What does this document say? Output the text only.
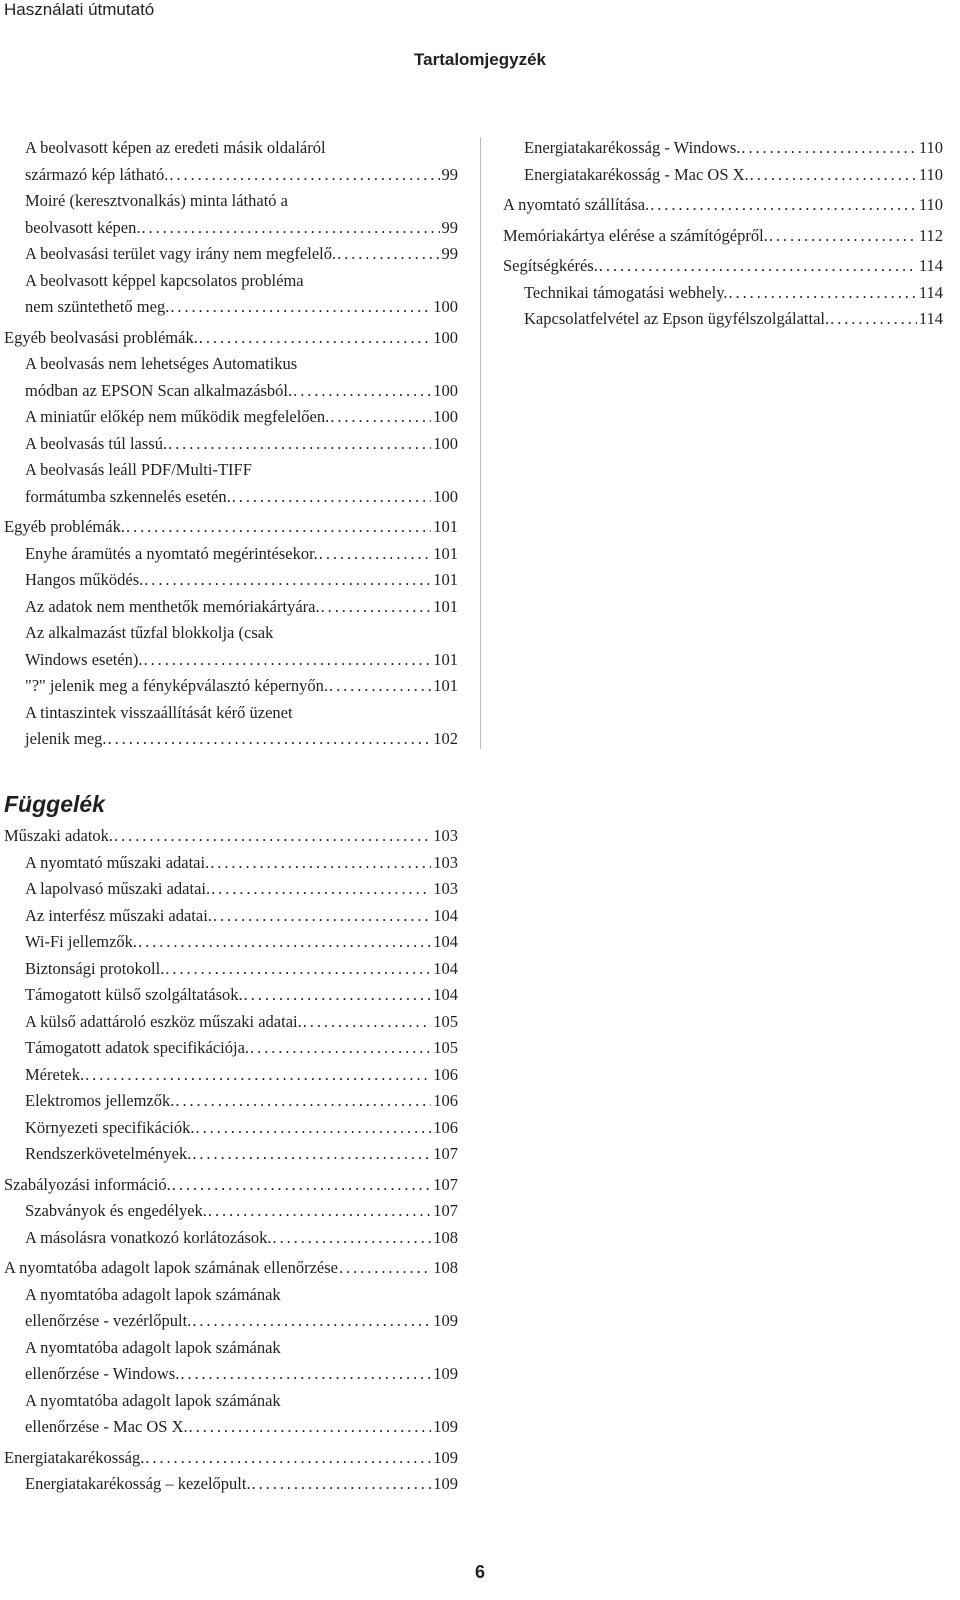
Használati útmutató
Tartalomjegyzék
A beolvasott képen az eredeti másik oldaláról
származó kép látható. . . .	99
Moiré (keresztvonalkás) minta látható a
beolvasott képen. . . .	99
A beolvasási terület vagy irány nem megfelelő. . . .	99
A beolvasott képpel kapcsolatos probléma
nem szüntethető meg. . . .	100
Egyéb beolvasási problémák. . . .	100
A beolvasás nem lehetséges Automatikus
módban az EPSON Scan alkalmazásból. . . .	100
A miniatűr előkép nem működik megfelelően. . . .	100
A beolvasás túl lassú. . . .	100
A beolvasás leáll PDF/Multi-TIFF
formátumba szkennelés esetén. . . .	100
Egyéb problémák. . . .	101
Enyhe áramütés a nyomtató megérintésekor. . . .	101
Hangos működés. . . .	101
Az adatok nem menthetők memóriakártyára. . . .	101
Az alkalmazást tűzfal blokkolja (csak
Windows esetén). . . .	101
"?" jelenik meg a fényképválasztó képernyőn. . . .	101
A tintaszintek visszaállítását kérő üzenet
jelenik meg. . . .	102
Függelék
Műszaki adatok. . . .	103
A nyomtató műszaki adatai. . . .	103
A lapolvasó műszaki adatai. . . .	103
Az interfész műszaki adatai. . . .	104
Wi-Fi jellemzők. . . .	104
Biztonsági protokoll. . . .	104
Támogatott külső szolgáltatások. . . .	104
A külső adattároló eszköz műszaki adatai. . . .	105
Támogatott adatok specifikációja. . . .	105
Méretek. . . .	106
Elektromos jellemzők. . . .	106
Környezeti specifikációk. . . .	106
Rendszerkövetelmények. . . .	107
Szabályozási információ. . . .	107
Szabványok és engedélyek. . . .	107
A másolásra vonatkozó korlátozások. . . .	108
A nyomtatóba adagolt lapok számának ellenőrzése . . .	108
A nyomtatóba adagolt lapok számának
ellenőrzése - vezérlőpult. . . .	109
A nyomtatóba adagolt lapok számának
ellenőrzése - Windows. . . .	109
A nyomtatóba adagolt lapok számának
ellenőrzése - Mac OS X. . . .	109
Energiatakarékosság. . . .	109
Energiatakarékosság – kezelőpult. . . .	109
Energiatakarékosság - Windows. . . .	110
Energiatakarékosság - Mac OS X. . . .	110
A nyomtató szállítása. . . .	110
Memóriakártya elérése a számítógépről. . . .	112
Segítségkérés. . . .	114
Technikai támogatási webhely. . . .	114
Kapcsolatfelvétel az Epson ügyfélszolgálattal. . . .	114
6
